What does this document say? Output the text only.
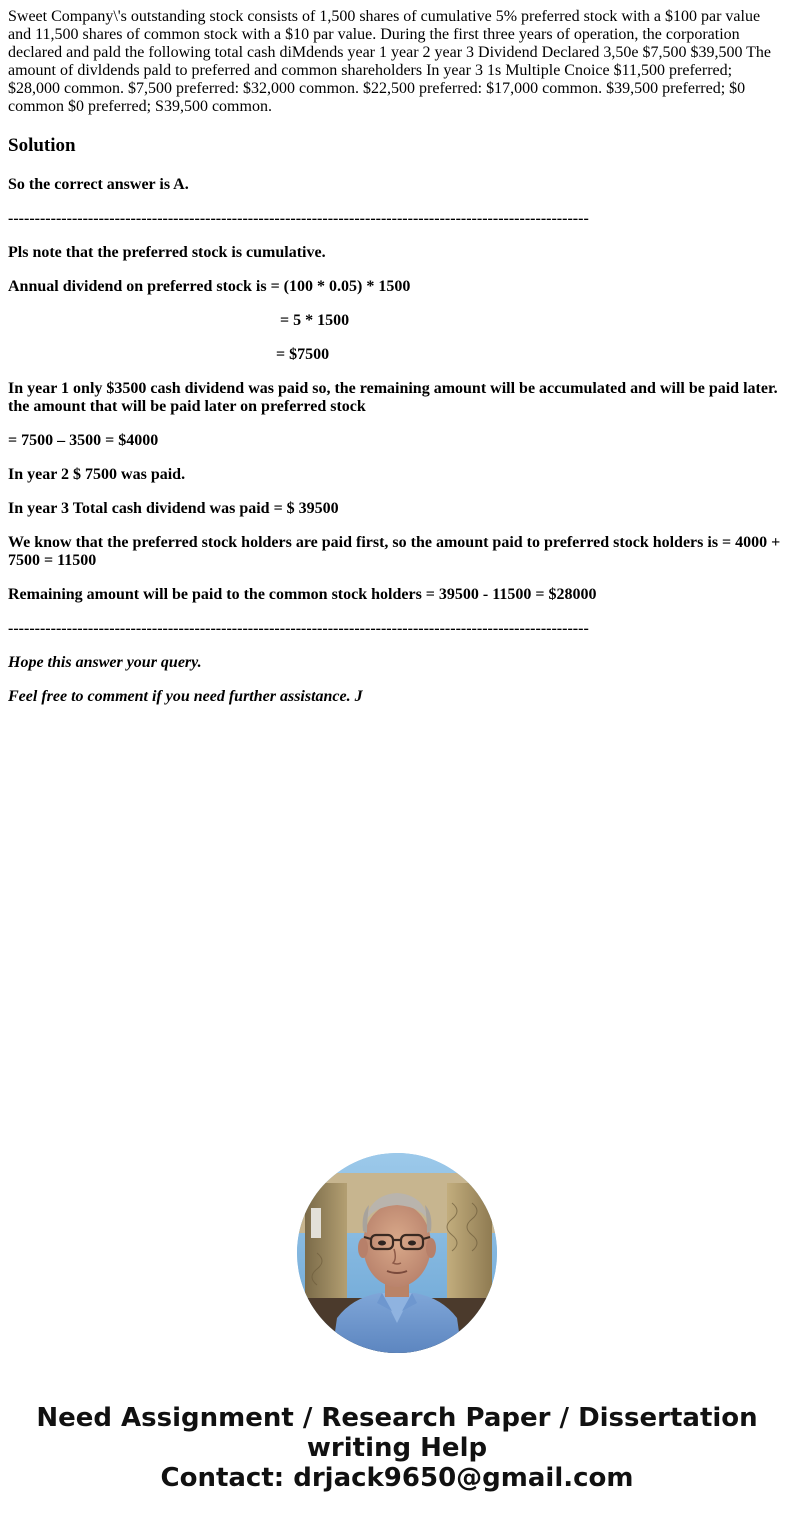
Sweet Company\'s outstanding stock consists of 1,500 shares of cumulative 5% preferred stock with a $100 par value and 11,500 shares of common stock with a $10 par value. During the first three years of operation, the corporation declared and pald the following total cash diMdends year 1 year 2 year 3 Dividend Declared 3,50e $7,500 $39,500 The amount of divldends pald to preferred and common shareholders In year 3 1s Multiple Cnoice $11,500 preferred; $28,000 common. $7,500 preferred: $32,000 common. $22,500 preferred: $17,000 common. $39,500 preferred; $0 common $0 preferred; S39,500 common.
Solution

So the correct answer is A.

-------------------------------------------------------------------------------------------------------------

Pls note that the preferred stock is cumulative.

Annual dividend on preferred stock is = (100 * 0.05) * 1500

= 5 * 1500

= $7500

In year 1 only $3500 cash dividend was paid so, the remaining amount will be accumulated and will be paid later. the amount that will be paid later on preferred stock

= 7500 – 3500 = $4000

In year 2 $ 7500 was paid.

In year 3 Total cash dividend was paid = $ 39500

We know that the preferred stock holders are paid first, so the amount paid to preferred stock holders is = 4000 + 7500 = 11500

Remaining amount will be paid to the common stock holders = 39500 - 11500 = $28000

-------------------------------------------------------------------------------------------------------------

Hope this answer your query.

Feel free to comment if you need further assistance. J

Need Assignment / Research Paper / Dissertation
writing Help
Contact: drjack9650@gmail.com
